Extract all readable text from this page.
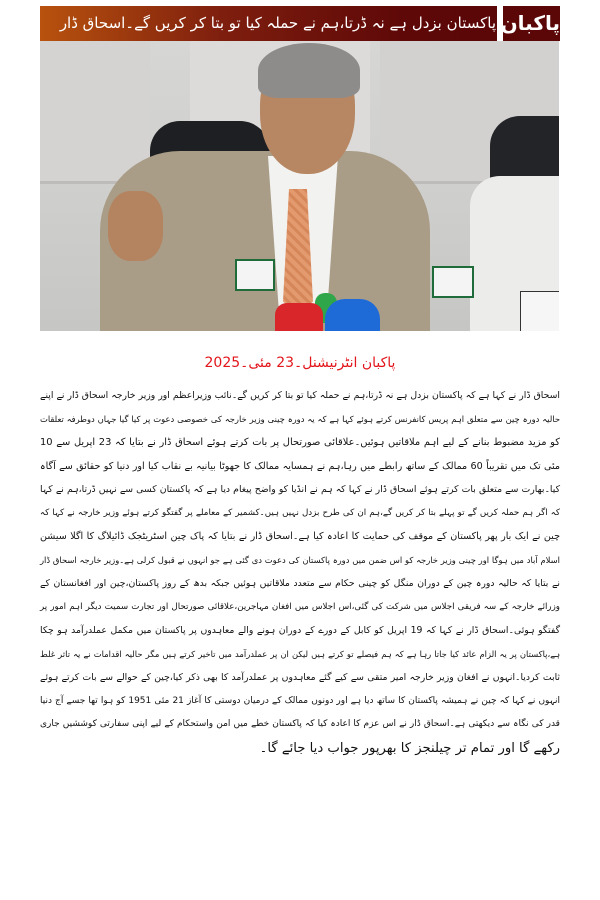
پاکستان بزدل ہے نہ ڈرتا،ہم نے حملہ کیا تو بتا کر کریں گے۔اسحاق ڈار پاکبان
پاکبان انٹرنیشنل۔23 مئی۔2025
اسحاق ڈار نے کہا ہے کہ پاکستان بزدل ہے نہ ڈرتا،ہم نے حملہ کیا تو بتا کر کریں گے۔نائب وزیراعظم اور وزیر خارجہ اسحاق ڈار نے اپنے
حالیہ دورہ چین سے متعلق اہم پریس کانفرنس کرتے ہوئے کہا ہے کہ یہ دورہ چینی وزیر خارجہ کی خصوصی دعوت پر کیا گیا جہاں دوطرفہ تعلقات
کو مزید مضبوط بنانے کے لیے اہم ملاقاتیں ہوئیں۔علاقائی صورتحال پر بات کرتے ہوئے اسحاق ڈار نے بتایا کہ 23 اپریل سے 10
مئی تک میں تقریباً 60 ممالک کے ساتھ رابطے میں رہا،ہم نے ہمسایہ ممالک کا جھوٹا بیانیہ بے نقاب کیا اور دنیا کو حقائق سے آگاہ
کیا۔بھارت سے متعلق بات کرتے ہوئے اسحاق ڈار نے کہا کہ ہم نے انڈیا کو واضح پیغام دیا ہے کہ پاکستان کسی سے نہیں ڈرتا،ہم نے کہا
کہ اگر ہم حملہ کریں گے تو پہلے بتا کر کریں گے،ہم ان کی طرح بزدل نہیں ہیں۔کشمیر کے معاملے پر گفتگو کرتے ہوئے وزیر خارجہ نے کہا کہ
چین نے ایک بار پھر پاکستان کے موقف کی حمایت کا اعادہ کیا ہے۔اسحاق ڈار نے بتایا کہ پاک چین اسٹریٹجک ڈائیلاگ کا اگلا سیشن
اسلام آباد میں ہوگا اور چینی وزیر خارجہ کو اس ضمن میں دورہ پاکستان کی دعوت دی گئی ہے جو انہوں نے قبول کرلی ہے۔وزیر خارجہ اسحاق ڈار
نے بتایا کہ حالیہ دورہ چین کے دوران منگل کو چینی حکام سے متعدد ملاقاتیں ہوئیں جبکہ بدھ کے روز پاکستان،چین اور افغانستان کے
وزرائے خارجہ کے سہ فریقی اجلاس میں شرکت کی گئی،اس اجلاس میں افغان مہاجرین،علاقائی صورتحال اور تجارت سمیت دیگر اہم امور پر
گفتگو ہوئی۔اسحاق ڈار نے کہا کہ 19 اپریل کو کابل کے دورے کے دوران ہونے والے معاہدوں پر پاکستان میں مکمل عملدرآمد ہو چکا
ہے،پاکستان پر یہ الزام عائد کیا جاتا رہا ہے کہ ہم فیصلے تو کرتے ہیں لیکن ان پر عملدرآمد میں تاخیر کرتے ہیں مگر حالیہ اقدامات نے یہ تاثر غلط
ثابت کردیا۔انہوں نے افغان وزیر خارجہ امیر متقی سے کیے گئے معاہدوں پر عملدرآمد کا بھی ذکر کیا،چین کے حوالے سے بات کرتے ہوئے
انہوں نے کہا کہ چین نے ہمیشہ پاکستان کا ساتھ دیا ہے اور دونوں ممالک کے درمیان دوستی کا آغاز 21 مئی 1951 کو ہوا تھا جسے آج دنیا
قدر کی نگاہ سے دیکھتی ہے۔اسحاق ڈار نے اس عزم کا اعادہ کیا کہ پاکستان خطے میں امن واستحکام کے لیے اپنی سفارتی کوششیں جاری
رکھے گا اور تمام تر چیلنجز کا بھرپور جواب دیا جائے گا۔
